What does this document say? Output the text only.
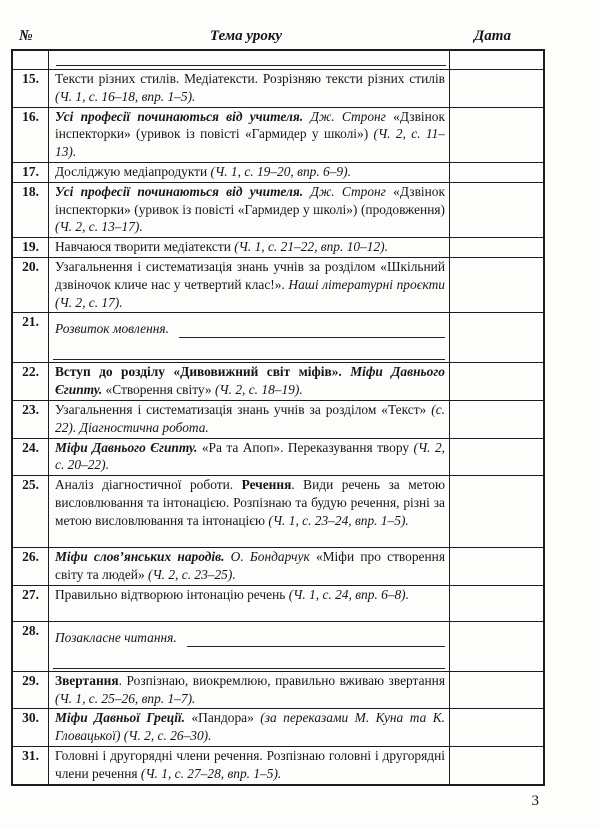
№	Тема уроку	Дата

15.	Тексти різних стилів. Медіатексти. Розрізняю тексти різних стилів (Ч. 1, с. 16–18, впр. 1–5).	

16.	Усі професії починаються від учителя. Дж. Стронг «Дзвінок інспекторки» (уривок із повісті «Гармидер у школі») (Ч. 2, с. 11–13).	

17.	Досліджую медіапродукти (Ч. 1, с. 19–20, впр. 6–9).	

18.	Усі професії починаються від учителя. Дж. Стронг «Дзвінок інспекторки» (уривок із повісті «Гармидер у школі») (продовження) (Ч. 2, с. 13–17).	

19.	Навчаюся творити медіатексти (Ч. 1, с. 21–22, впр. 10–12).	

20.	Узагальнення і систематизація знань учнів за розділом «Шкільний дзвіночок кличе нас у четвертий клас!». Наші літературні проєкти (Ч. 2, с. 17).	

21.	Розвиток мовлення.	

22.	Вступ до розділу «Дивовижний світ міфів». Міфи Давнього Єгипту. «Створення світу» (Ч. 2, с. 18–19).	

23.	Узагальнення і систематизація знань учнів за розділом «Текст» (с. 22). Діагностична робота.	

24.	Міфи Давнього Єгипту. «Ра та Апоп». Переказування твору (Ч. 2, с. 20–22).	

25.	Аналіз діагностичної роботи. Речення. Види речень за метою висловлювання та інтонацією. Розпізнаю та будую речення, різні за метою висловлювання та інтонацією (Ч. 1, с. 23–24, впр. 1–5).	

26.	Міфи слов’янських народів. О. Бондарчук «Міфи про створення світу та людей» (Ч. 2, с. 23–25).	

27.	Правильно відтворюю інтонацію речень (Ч. 1, с. 24, впр. 6–8).	

28.	Позакласне читання.	

29.	Звертання. Розпізнаю, виокремлюю, правильно вживаю звертання (Ч. 1, с. 25–26, впр. 1–7).	

30.	Міфи Давньої Греції. «Пандора» (за переказами М. Куна та К. Гловацької) (Ч. 2, с. 26–30).	

31.	Головні і другорядні члени речення. Розпізнаю головні і другорядні члени речення (Ч. 1, с. 27–28, впр. 1–5).	

3
